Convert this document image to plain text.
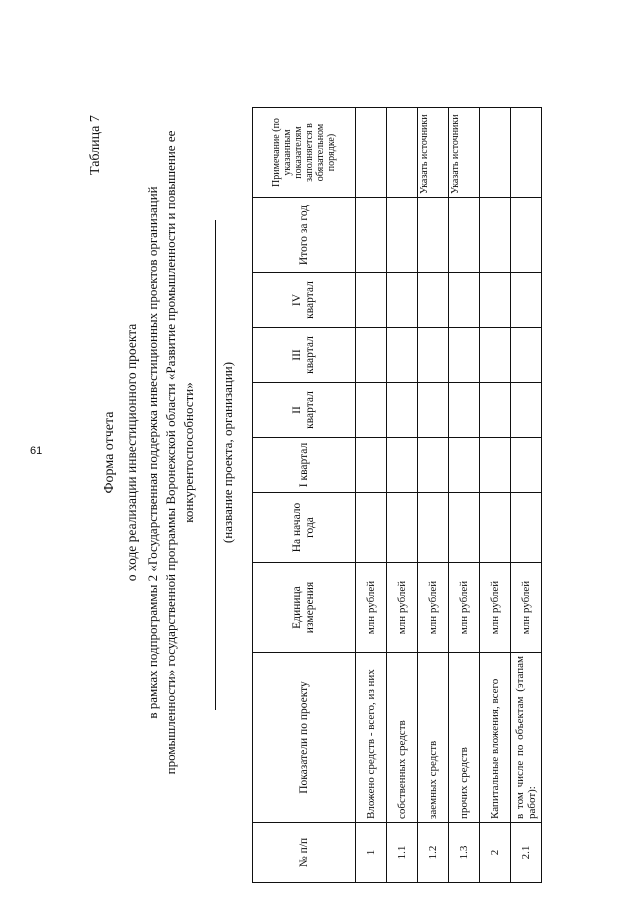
61
Таблица 7
Форма отчета о ходе реализации инвестиционного проекта в рамках подпрограммы 2 «Государственная поддержка инвестиционных проектов организаций промышленности» государственной программы Воронежской области «Развитие промышленности и повышение ее конкурентоспособности» (название проекта, организации)
№ п/п	Показатели по проекту	Единица измерения	На начало года	I квартал	II квартал	III квартал	IV квартал	Итого за год	Примечание (по указанным показателям заполняется в обязательном порядке)
1	Вложено средств - всего, из них	млн рублей							
1.1	собственных средств	млн рублей							
1.2	заемных средств	млн рублей							Указать источники
1.3	прочих средств	млн рублей							Указать источники
2	Капитальные вложения, всего	млн рублей							
2.1	в том числе по объектам (этапам работ):	млн рублей							
